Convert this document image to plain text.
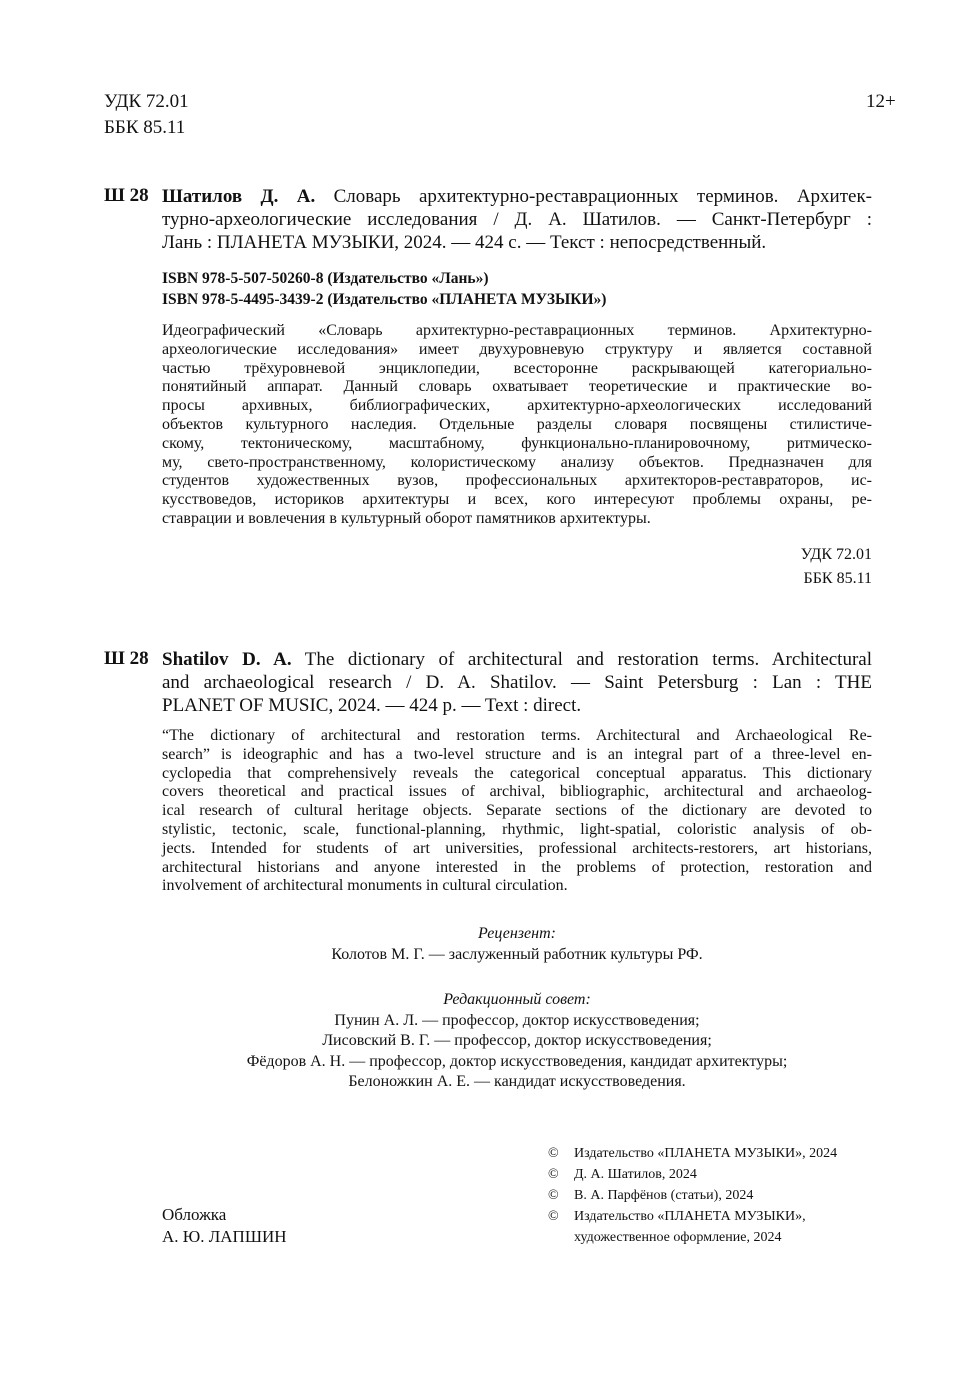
УДК 72.01
ББК 85.11
12+
Ш 28 Шатилов Д. А. Словарь архитектурно-реставрационных терминов. Архитек-
турно-археологические исследования / Д. А. Шатилов. — Санкт-Петербург :
Лань : ПЛАНЕТА МУЗЫКИ, 2024. — 424 с. — Текст : непосредственный.
ISBN 978-5-507-50260-8 (Издательство «Лань»)
ISBN 978-5-4495-3439-2 (Издательство «ПЛАНЕТА МУЗЫКИ»)
Идеографический «Словарь архитектурно-реставрационных терминов. Архитектурно-
археологические исследования» имеет двухуровневую структуру и является составной
частью трёхуровневой энциклопедии, всесторонне раскрывающей категориально-
понятийный аппарат. Данный словарь охватывает теоретические и практические во-
просы архивных, библиографических, архитектурно-археологических исследований
объектов культурного наследия. Отдельные разделы словаря посвящены стилистиче-
скому, тектоническому, масштабному, функционально-планировочному, ритмическо-
му, свето-пространственному, колористическому анализу объектов. Предназначен для
студентов художественных вузов, профессиональных архитекторов-реставраторов, ис-
кусствоведов, историков архитектуры и всех, кого интересуют проблемы охраны, ре-
ставрации и вовлечения в культурный оборот памятников архитектуры.
УДК 72.01
ББК 85.11
Ш 28 Shatilov D. A. The dictionary of architectural and restoration terms. Architectural
and archaeological research / D. A. Shatilov. — Saint Petersburg : Lan : THE
PLANET OF MUSIC, 2024. — 424 p. — Text : direct.
“The dictionary of architectural and restoration terms. Architectural and Archaeological Re-
search” is ideographic and has a two-level structure and is an integral part of a three-level en-
cyclopedia that comprehensively reveals the categorical conceptual apparatus. This dictionary
covers theoretical and practical issues of archival, bibliographic, architectural and archaeolog-
ical research of cultural heritage objects. Separate sections of the dictionary are devoted to
stylistic, tectonic, scale, functional-planning, rhythmic, light-spatial, coloristic analysis of ob-
jects. Intended for students of art universities, professional architects-restorers, art historians,
architectural historians and anyone interested in the problems of protection, restoration and
involvement of architectural monuments in cultural circulation.
Рецензент:
Колотов М. Г. — заслуженный работник культуры РФ.
Редакционный совет:
Пунин А. Л. — профессор, доктор искусствоведения;
Лисовский В. Г. — профессор, доктор искусствоведения;
Фёдоров А. Н. — профессор, доктор искусствоведения, кандидат архитектуры;
Белоножкин А. Е. — кандидат искусствоведения.
© Издательство «ПЛАНЕТА МУЗЫКИ», 2024
© Д. А. Шатилов, 2024
© В. А. Парфёнов (статьи), 2024
© Издательство «ПЛАНЕТА МУЗЫКИ»,
художественное оформление, 2024
Обложка
А. Ю. ЛАПШИН
